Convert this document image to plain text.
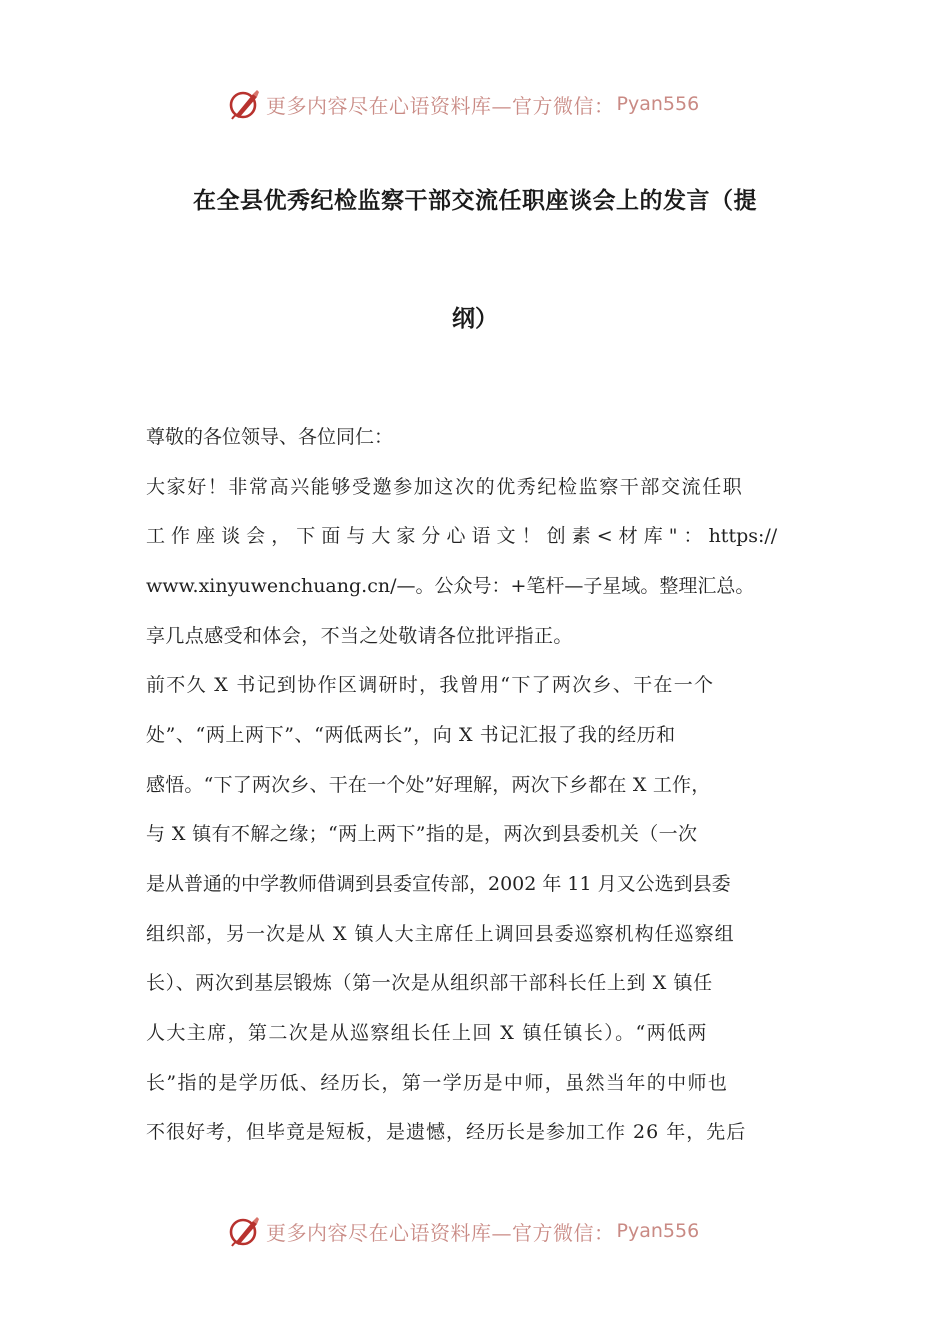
更多内容尽在心语资料库—官方微信： Pyan556
在全县优秀纪检监察干部交流任职座谈会上的发言（提
纲）

尊敬的各位领导、各位同仁：

大家好！非常高兴能够受邀参加这次的优秀纪检监察干部交流任职

工 作 座 谈 会 ， 下 面 与 大 家 分 心 语 文 ！ 创 素 < 材 库 " ： https://

www.xinyuwenchuang.cn/—。公众号：+笔杆—子星域。整理汇总。

享几点感受和体会，不当之处敬请各位批评指正。

前不久 X 书记到协作区调研时，我曾用“下了两次乡、干在一个

处”、“两上两下”、“两低两长”，向 X 书记汇报了我的经历和

感悟。“下了两次乡、干在一个处”好理解，两次下乡都在 X 工作，

与 X 镇有不解之缘；“两上两下”指的是，两次到县委机关（一次

是从普通的中学教师借调到县委宣传部，2002 年 11 月又公选到县委

组织部，另一次是从 X 镇人大主席任上调回县委巡察机构任巡察组

长）、两次到基层锻炼（第一次是从组织部干部科长任上到 X 镇任

人大主席，第二次是从巡察组长任上回 X 镇任镇长）。“两低两

长”指的是学历低、经历长，第一学历是中师，虽然当年的中师也

不很好考，但毕竟是短板，是遗憾，经历长是参加工作 26 年，先后

更多内容尽在心语资料库—官方微信： Pyan556
